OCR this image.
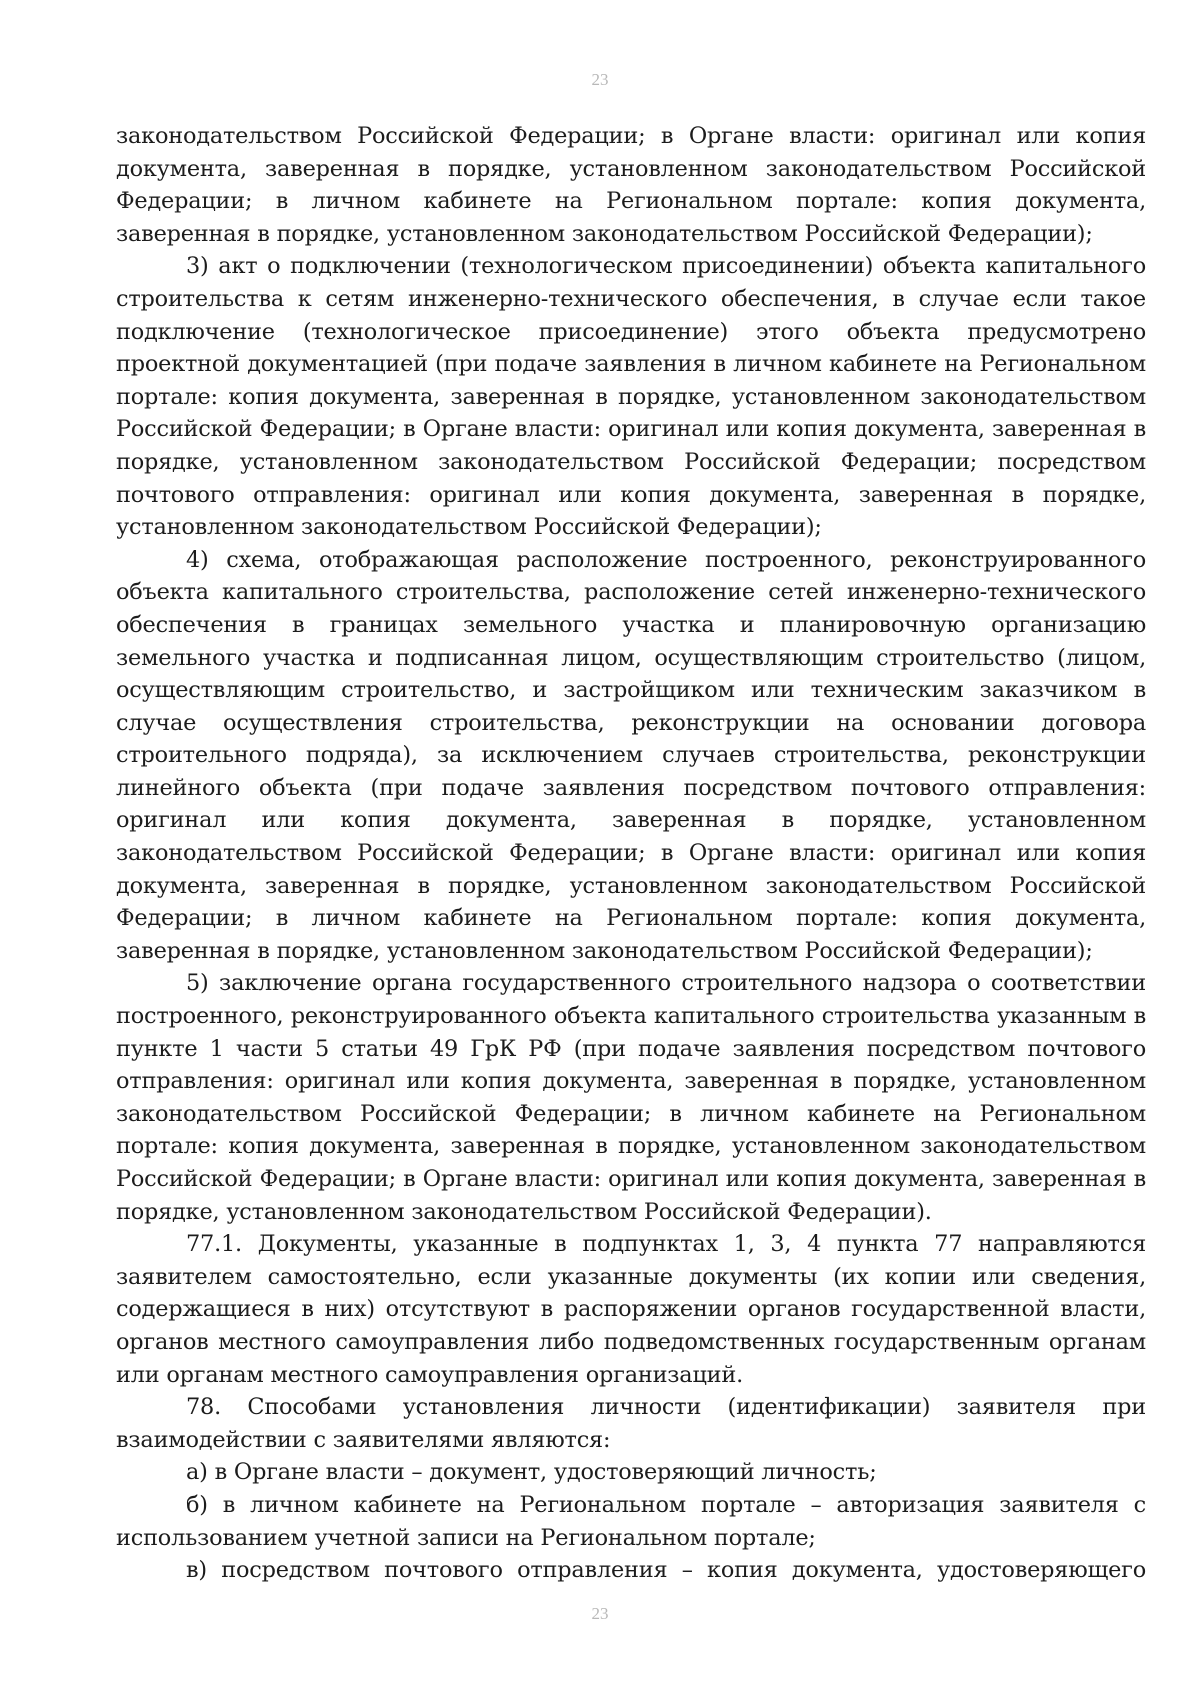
23

законодательством Российской Федерации; в Органе власти: оригинал или копия документа, заверенная в порядке, установленном законодательством Российской Федерации; в личном кабинете на Региональном портале: копия документа, заверенная в порядке, установленном законодательством Российской Федерации);

3) акт о подключении (технологическом присоединении) объекта капитального строительства к сетям инженерно-технического обеспечения, в случае если такое подключение (технологическое присоединение) этого объекта предусмотрено проектной документацией (при подаче заявления в личном кабинете на Региональном портале: копия документа, заверенная в порядке, установленном законодательством Российской Федерации; в Органе власти: оригинал или копия документа, заверенная в порядке, установленном законодательством Российской Федерации; посредством почтового отправления: оригинал или копия документа, заверенная в порядке, установленном законодательством Российской Федерации);

4) схема, отображающая расположение построенного, реконструированного объекта капитального строительства, расположение сетей инженерно-технического обеспечения в границах земельного участка и планировочную организацию земельного участка и подписанная лицом, осуществляющим строительство (лицом, осуществляющим строительство, и застройщиком или техническим заказчиком в случае осуществления строительства, реконструкции на основании договора строительного подряда), за исключением случаев строительства, реконструкции линейного объекта (при подаче заявления посредством почтового отправления: оригинал или копия документа, заверенная в порядке, установленном законодательством Российской Федерации; в Органе власти: оригинал или копия документа, заверенная в порядке, установленном законодательством Российской Федерации; в личном кабинете на Региональном портале: копия документа, заверенная в порядке, установленном законодательством Российской Федерации);

5) заключение органа государственного строительного надзора о соответствии построенного, реконструированного объекта капитального строительства указанным в пункте 1 части 5 статьи 49 ГрК РФ (при подаче заявления посредством почтового отправления: оригинал или копия документа, заверенная в порядке, установленном законодательством Российской Федерации; в личном кабинете на Региональном портале: копия документа, заверенная в порядке, установленном законодательством Российской Федерации; в Органе власти: оригинал или копия документа, заверенная в порядке, установленном законодательством Российской Федерации).

77.1. Документы, указанные в подпунктах 1, 3, 4 пункта 77 направляются заявителем самостоятельно, если указанные документы (их копии или сведения, содержащиеся в них) отсутствуют в распоряжении органов государственной власти, органов местного самоуправления либо подведомственных государственным органам или органам местного самоуправления организаций.

78. Способами установления личности (идентификации) заявителя при взаимодействии с заявителями являются:

а) в Органе власти – документ, удостоверяющий личность;

б) в личном кабинете на Региональном портале – авторизация заявителя с использованием учетной записи на Региональном портале;

в) посредством почтового отправления – копия документа, удостоверяющего

23
